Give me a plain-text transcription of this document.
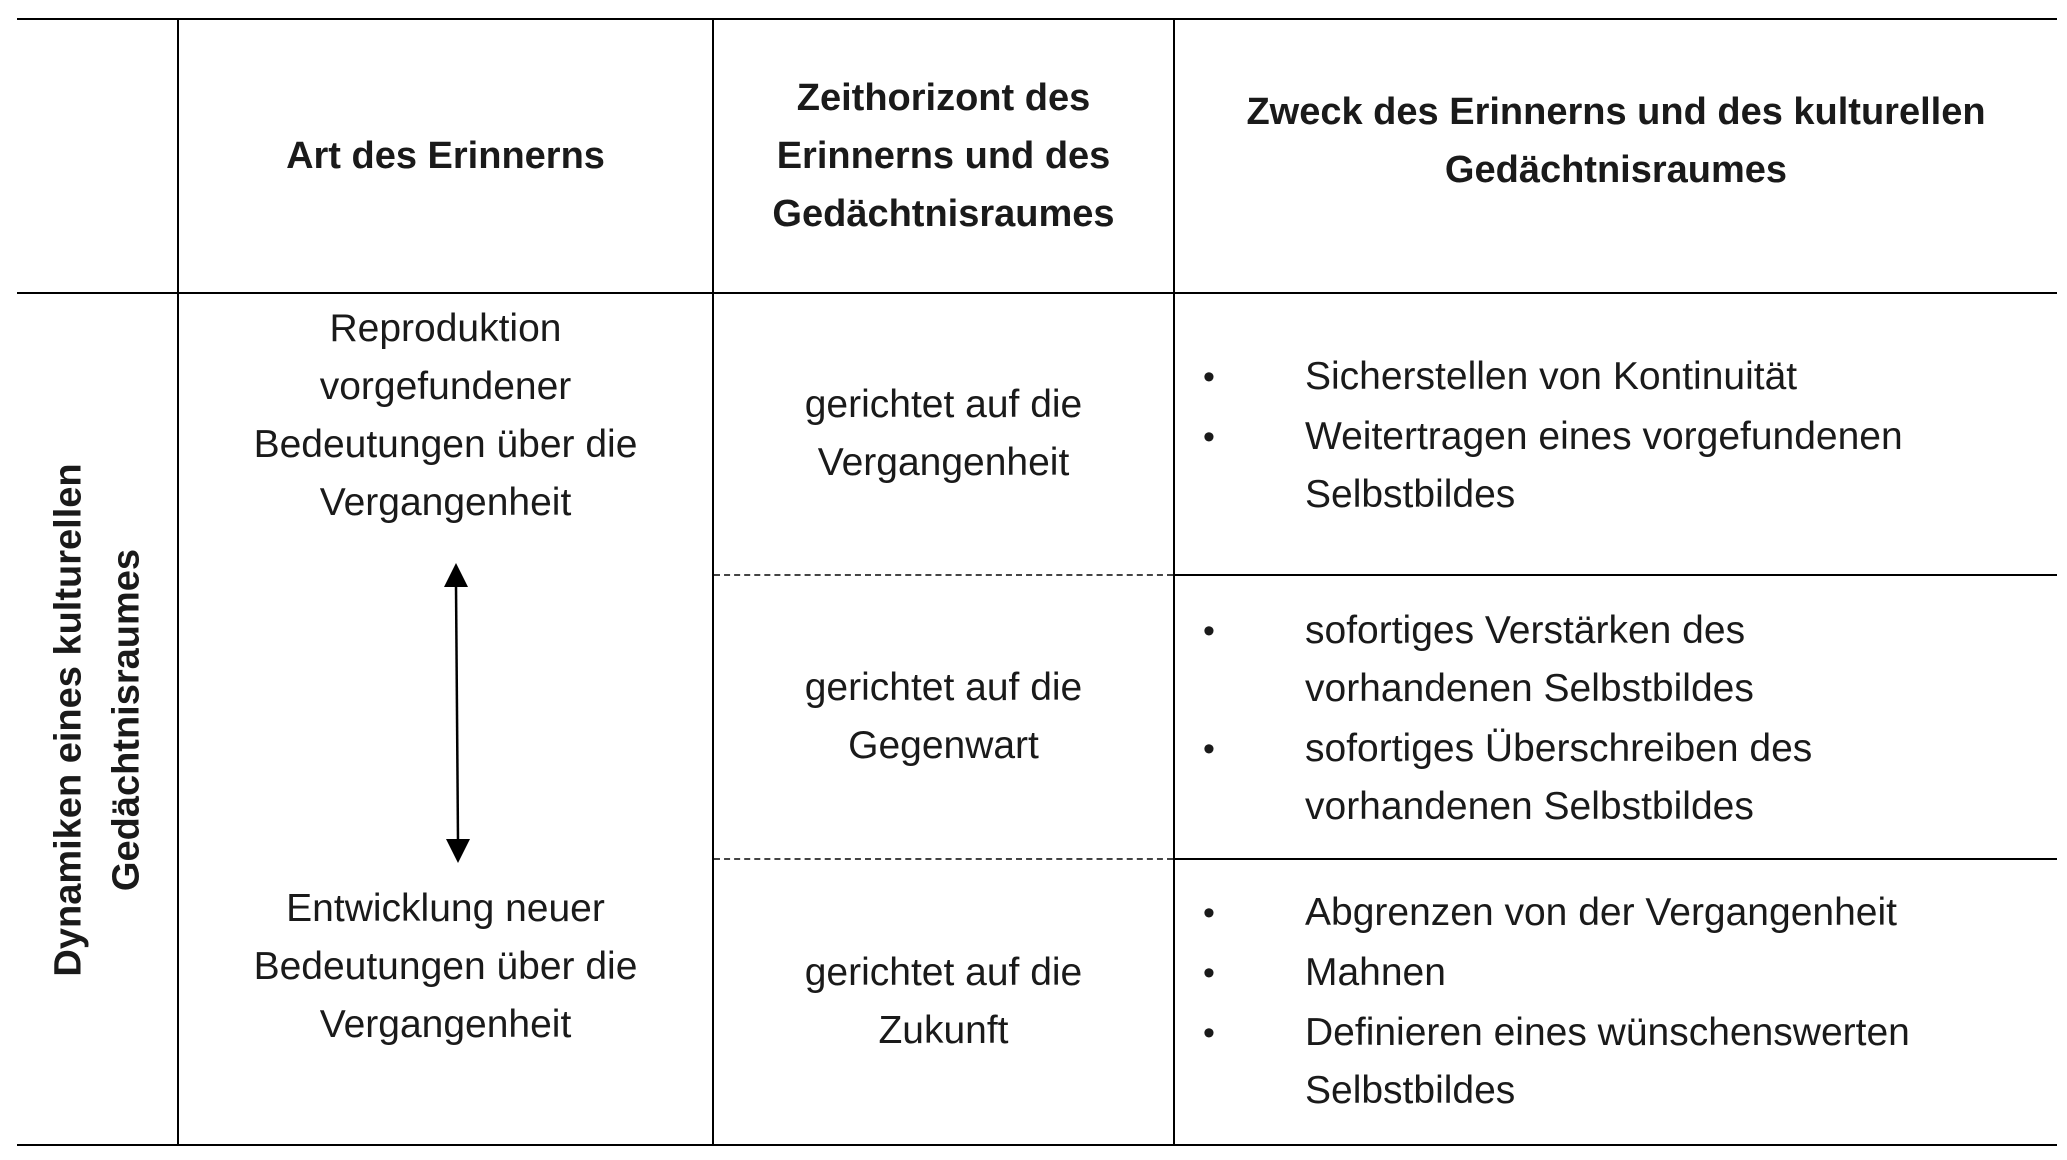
Art des Erinnerns
Zeithorizont des
Erinnerns und des
Gedächtnisraumes
Zweck des Erinnerns und des kulturellen
Gedächtnisraumes
Dynamiken eines kulturellen Gedächtnisraumes
Reproduktion
vorgefundener
Bedeutungen über die
Vergangenheit
Entwicklung neuer
Bedeutungen über die
Vergangenheit
gerichtet auf die
Vergangenheit
gerichtet auf die
Gegenwart
gerichtet auf die
Zukunft
• Sicherstellen von Kontinuität
• Weitertragen eines vorgefundenen
Selbstbildes
• sofortiges Verstärken des
vorhandenen Selbstbildes
• sofortiges Überschreiben des
vorhandenen Selbstbildes
• Abgrenzen von der Vergangenheit
• Mahnen
• Definieren eines wünschenswerten
Selbstbildes
